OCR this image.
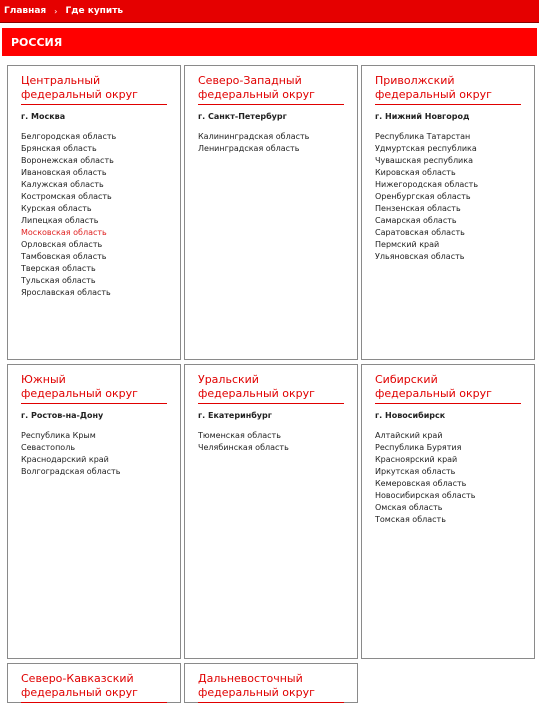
Главная › Где купить
РОССИЯ
Центральный
федеральный округ
г. Москва
Белгородская область
Брянская область
Воронежская область
Ивановская область
Калужская область
Костромская область
Курская область
Липецкая область
Московская область
Орловская область
Тамбовская область
Тверская область
Тульская область
Ярославская область
Северо-Западный
федеральный округ
г. Санкт-Петербург
Калининградская область
Ленинградская область
Приволжский
федеральный округ
г. Нижний Новгород
Республика Татарстан
Удмуртская республика
Чувашская республика
Кировская область
Нижегородская область
Оренбургская область
Пензенская область
Самарская область
Саратовская область
Пермский край
Ульяновская область
Южный
федеральный округ
г. Ростов-на-Дону
Республика Крым
Севастополь
Краснодарский край
Волгоградская область
Уральский
федеральный округ
г. Екатеринбург
Тюменская область
Челябинская область
Сибирский
федеральный округ
г. Новосибирск
Алтайский край
Республика Бурятия
Красноярский край
Иркутская область
Кемеровская область
Новосибирская область
Омская область
Томская область
Северо-Кавказский
федеральный округ
Дальневосточный
федеральный округ
